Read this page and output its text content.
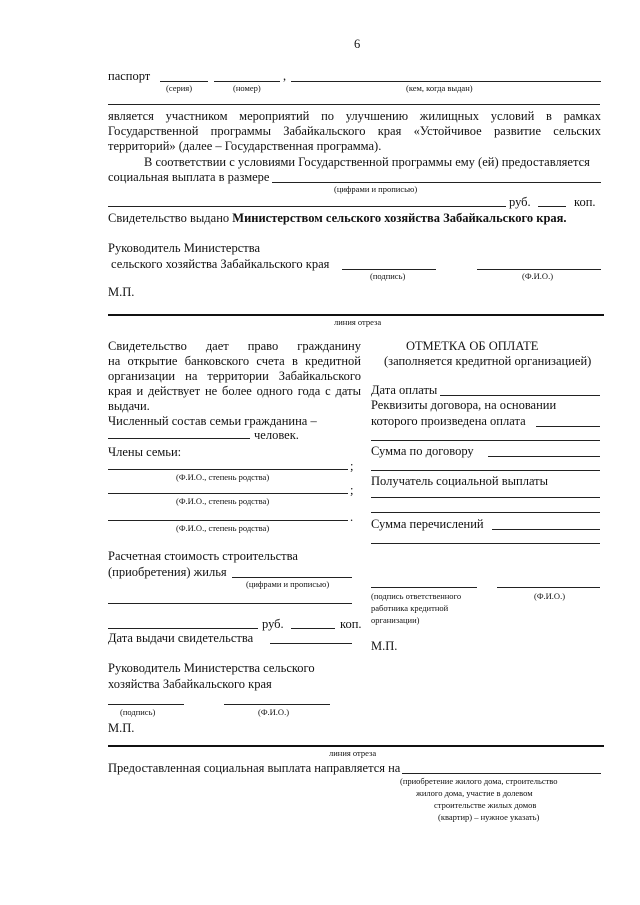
6
паспорт	,
(серия)	(номер)	(кем, когда выдан)
является участником мероприятий по улучшению жилищных условий в рамках
Государственной программы Забайкальского края «Устойчивое развитие сельских
территорий» (далее – Государственная программа).
В соответствии с условиями Государственной программы ему (ей) предоставляется
социальная выплата в размере
(цифрами и прописью)
руб.	коп.
Свидетельство выдано Министерством сельского хозяйства Забайкальского края.
Руководитель Министерства
сельского хозяйства Забайкальского края
(подпись)	(Ф.И.О.)
М.П.
линия отреза
Свидетельство дает право гражданину
на открытие банковского счета в кредитной
организации на территории Забайкальского
края и действует не более одного года с даты
выдачи.
Численный состав семьи гражданина –
человек.
Члены семьи:
;
(Ф.И.О., степень родства)
;
(Ф.И.О., степень родства)
.
(Ф.И.О., степень родства)
Расчетная стоимость строительства
(приобретения) жилья
(цифрами и прописью)
руб.	коп.
Дата выдачи свидетельства
Руководитель Министерства сельского
хозяйства Забайкальского края
(подпись)	(Ф.И.О.)
М.П.
ОТМЕТКА ОБ ОПЛАТЕ
(заполняется кредитной организацией)
Дата оплаты
Реквизиты договора, на основании
которого произведена оплата
Сумма по договору
Получатель социальной выплаты
Сумма перечислений
(подпись ответственного
работника кредитной
организации)
(Ф.И.О.)
М.П.
линия отреза
Предоставленная социальная выплата направляется на
(приобретение жилого дома, строительство
жилого дома, участие в долевом
строительстве жилых домов
(квартир) – нужное указать)
